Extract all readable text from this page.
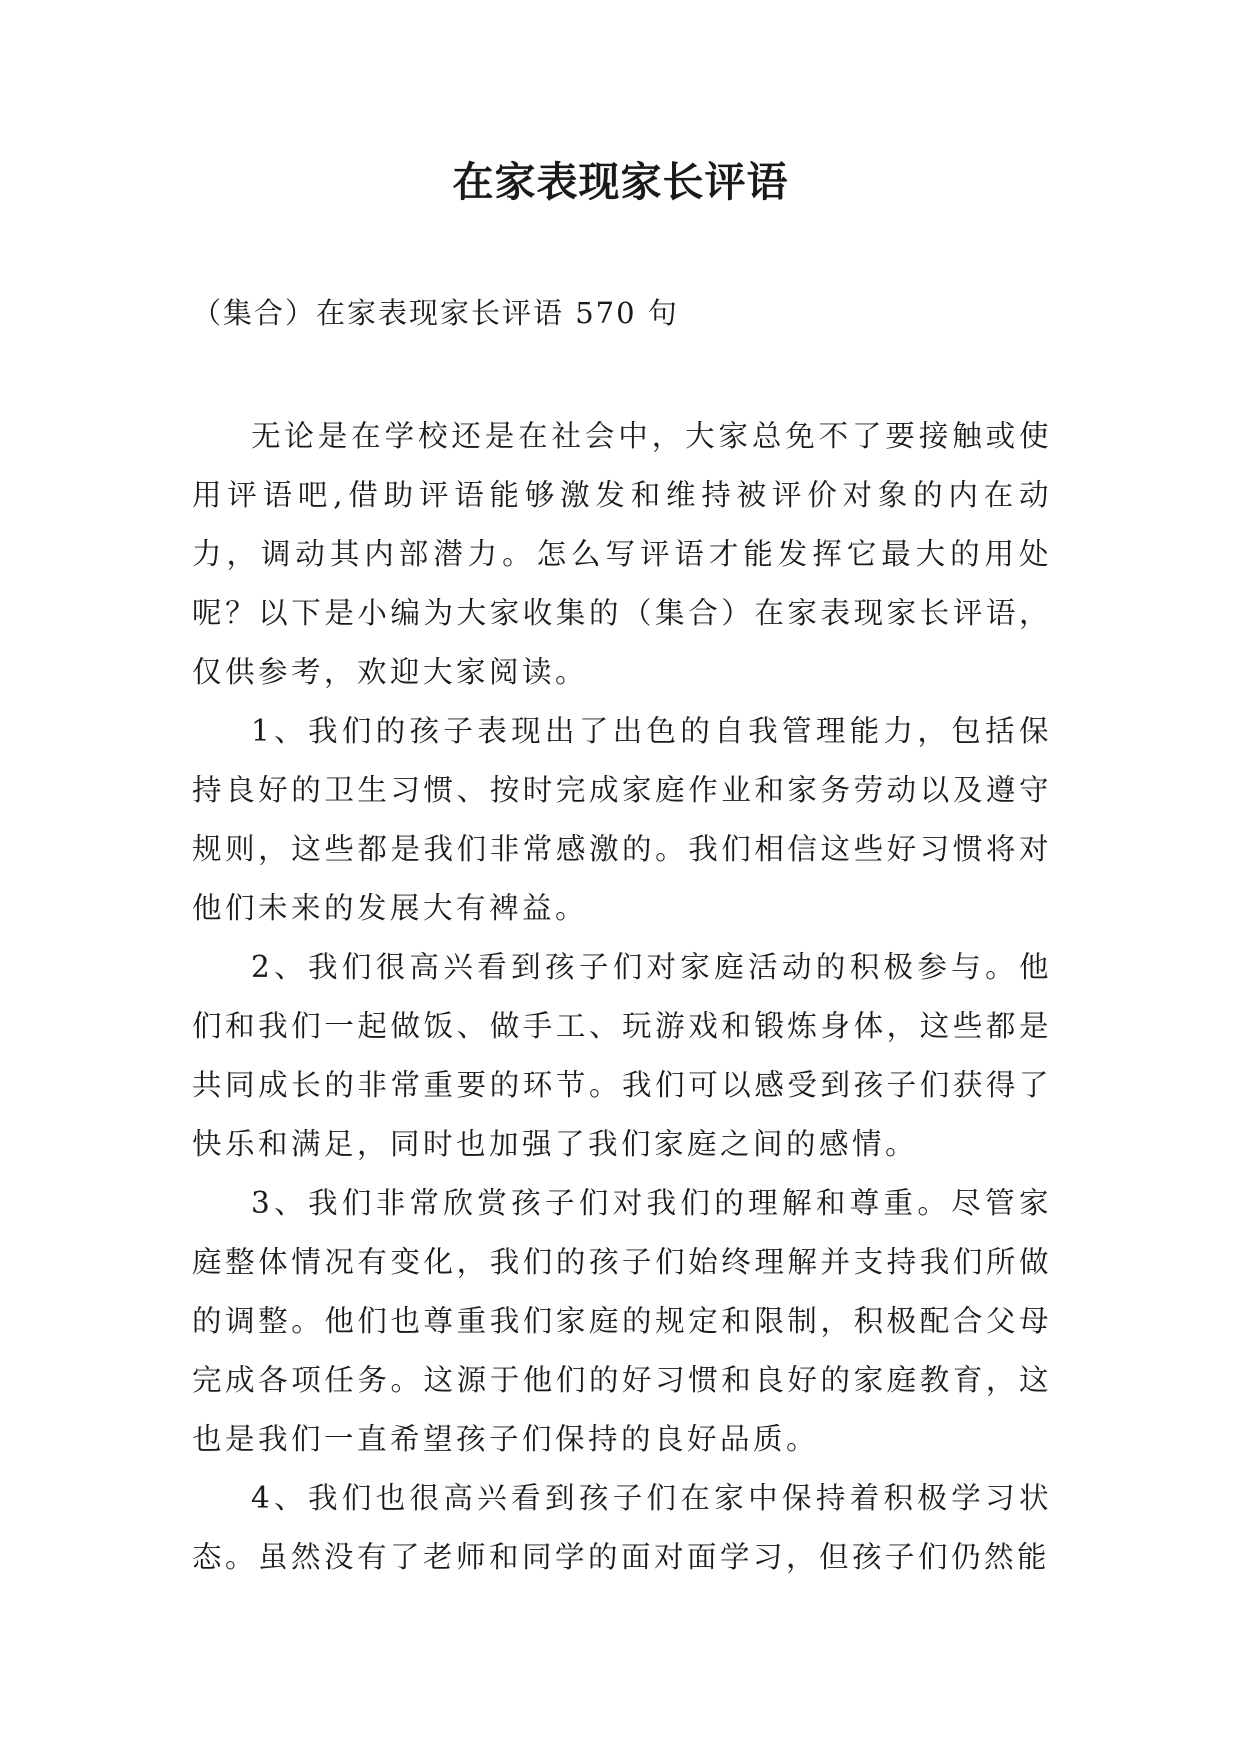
在家表现家长评语

（集合）在家表现家长评语 570 句

无论是在学校还是在社会中，大家总免不了要接触或使用评语吧,借助评语能够激发和维持被评价对象的内在动力，调动其内部潜力。怎么写评语才能发挥它最大的用处呢？以下是小编为大家收集的（集合）在家表现家长评语，仅供参考，欢迎大家阅读。

1、我们的孩子表现出了出色的自我管理能力，包括保持良好的卫生习惯、按时完成家庭作业和家务劳动以及遵守规则，这些都是我们非常感激的。我们相信这些好习惯将对他们未来的发展大有裨益。

2、我们很高兴看到孩子们对家庭活动的积极参与。他们和我们一起做饭、做手工、玩游戏和锻炼身体，这些都是共同成长的非常重要的环节。我们可以感受到孩子们获得了快乐和满足，同时也加强了我们家庭之间的感情。

3、我们非常欣赏孩子们对我们的理解和尊重。尽管家庭整体情况有变化，我们的孩子们始终理解并支持我们所做的调整。他们也尊重我们家庭的规定和限制，积极配合父母完成各项任务。这源于他们的好习惯和良好的家庭教育，这也是我们一直希望孩子们保持的良好品质。

4、我们也很高兴看到孩子们在家中保持着积极学习状态。虽然没有了老师和同学的面对面学习，但孩子们仍然能
